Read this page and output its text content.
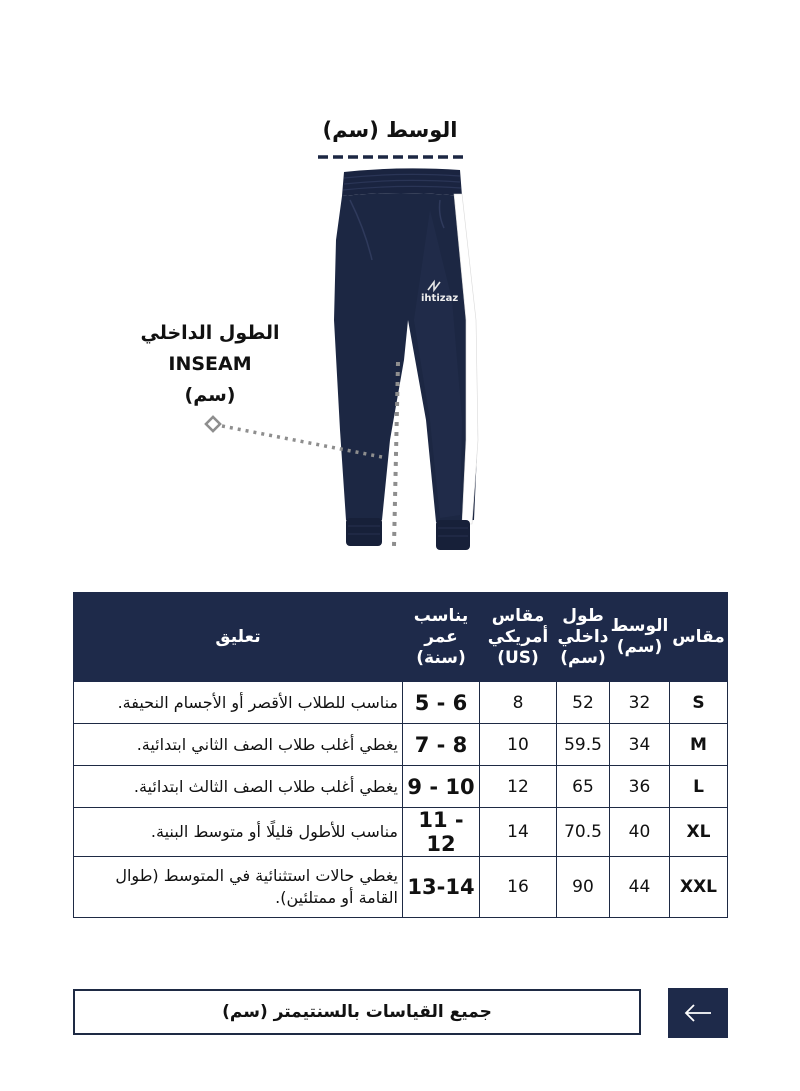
الوسط (سم)
الطول الداخلي
INSEAM
(سم)
ihtizaz
مقاس	الوسط (سم)	طول داخلي (سم)	مقاس أمريكي (US)	يناسب عمر (سنة)	تعليق
S	32	52	8	5 - 6	مناسب للطلاب الأقصر أو الأجسام النحيفة.
M	34	59.5	10	7 - 8	يغطي أغلب طلاب الصف الثاني ابتدائية.
L	36	65	12	9 - 10	يغطي أغلب طلاب الصف الثالث ابتدائية.
XL	40	70.5	14	11 - 12	مناسب للأطول قليلًا أو متوسط البنية.
XXL	44	90	16	13-14	يغطي حالات استثنائية في المتوسط (طوال القامة أو ممتلئين).
جميع القياسات بالسنتيمتر (سم)
